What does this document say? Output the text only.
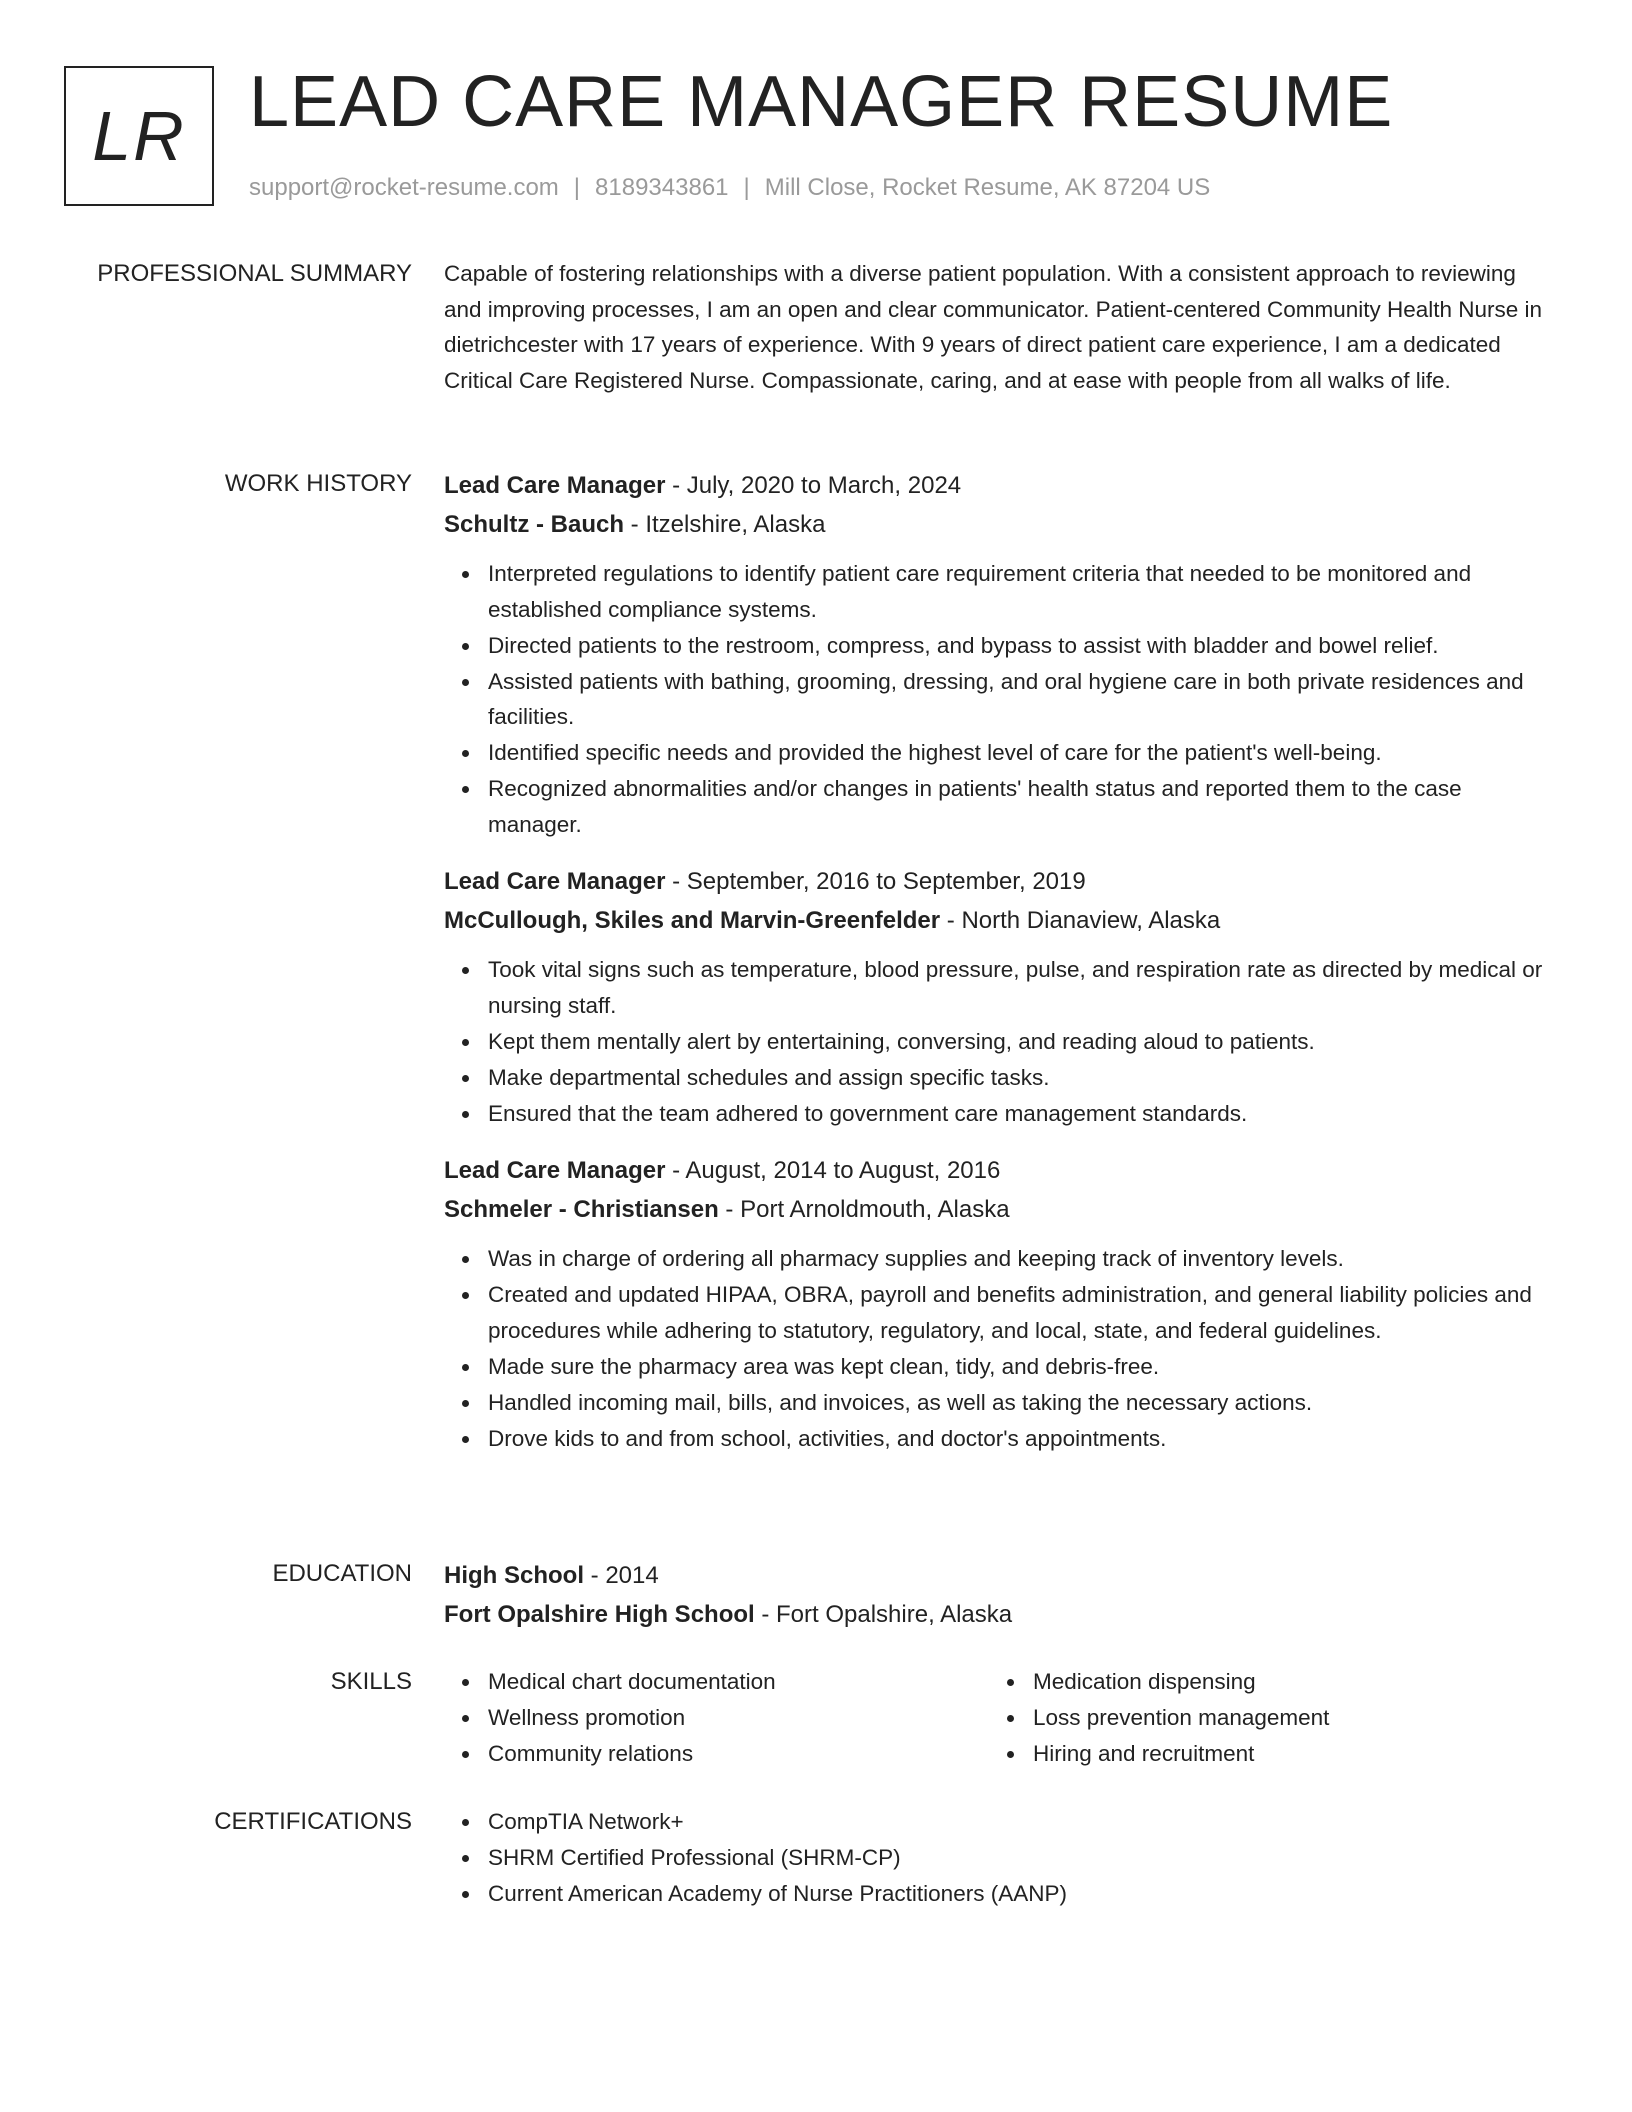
LR LEAD CARE MANAGER RESUME
support@rocket-resume.com | 8189343861 | Mill Close, Rocket Resume, AK 87204 US
PROFESSIONAL SUMMARY Capable of fostering relationships with a diverse patient population. With a consistent approach to reviewing and improving processes, I am an open and clear communicator. Patient-centered Community Health Nurse in dietrichcester with 17 years of experience. With 9 years of direct patient care experience, I am a dedicated Critical Care Registered Nurse. Compassionate, caring, and at ease with people from all walks of life.

WORK HISTORY Lead Care Manager - July, 2020 to March, 2024
Schultz - Bauch - Itzelshire, Alaska
Interpreted regulations to identify patient care requirement criteria that needed to be monitored and established compliance systems.
Directed patients to the restroom, compress, and bypass to assist with bladder and bowel relief.
Assisted patients with bathing, grooming, dressing, and oral hygiene care in both private residences and facilities.
Identified specific needs and provided the highest level of care for the patient's well-being.
Recognized abnormalities and/or changes in patients' health status and reported them to the case manager.
Lead Care Manager - September, 2016 to September, 2019
McCullough, Skiles and Marvin-Greenfelder - North Dianaview, Alaska
Took vital signs such as temperature, blood pressure, pulse, and respiration rate as directed by medical or nursing staff.
Kept them mentally alert by entertaining, conversing, and reading aloud to patients.
Make departmental schedules and assign specific tasks.
Ensured that the team adhered to government care management standards.
Lead Care Manager - August, 2014 to August, 2016
Schmeler - Christiansen - Port Arnoldmouth, Alaska
Was in charge of ordering all pharmacy supplies and keeping track of inventory levels.
Created and updated HIPAA, OBRA, payroll and benefits administration, and general liability policies and procedures while adhering to statutory, regulatory, and local, state, and federal guidelines.
Made sure the pharmacy area was kept clean, tidy, and debris-free.
Handled incoming mail, bills, and invoices, as well as taking the necessary actions.
Drove kids to and from school, activities, and doctor's appointments.
EDUCATION High School - 2014
Fort Opalshire High School - Fort Opalshire, Alaska
SKILLS	Medical chart documentation
Wellness promotion
Community relations
Medication dispensing
Loss prevention management
Hiring and recruitment
CERTIFICATIONS	CompTIA Network+
SHRM Certified Professional (SHRM-CP)
Current American Academy of Nurse Practitioners (AANP)
